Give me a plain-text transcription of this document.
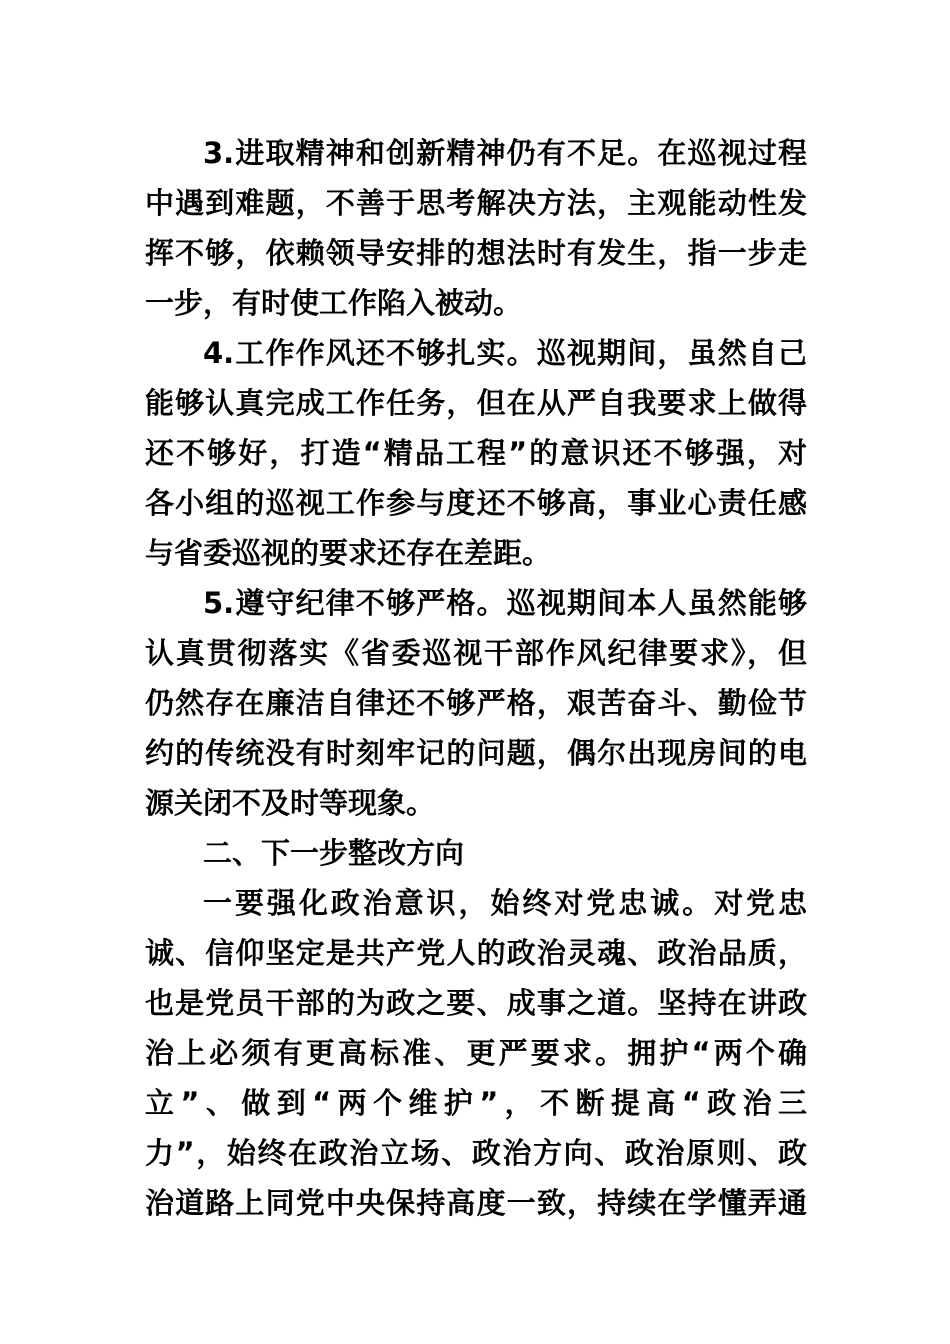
3.进取精神和创新精神仍有不足。在巡视过程
中遇到难题，不善于思考解决方法，主观能动性发
挥不够，依赖领导安排的想法时有发生，指一步走
一步，有时使工作陷入被动。
4.工作作风还不够扎实。巡视期间，虽然自己
能够认真完成工作任务，但在从严自我要求上做得
还不够好，打造“精品工程”的意识还不够强，对
各小组的巡视工作参与度还不够高，事业心责任感
与省委巡视的要求还存在差距。
5.遵守纪律不够严格。巡视期间本人虽然能够
认真贯彻落实《省委巡视干部作风纪律要求》，但
仍然存在廉洁自律还不够严格，艰苦奋斗、勤俭节
约的传统没有时刻牢记的问题，偶尔出现房间的电
源关闭不及时等现象。
二、下一步整改方向
一要强化政治意识，始终对党忠诚。对党忠
诚、信仰坚定是共产党人的政治灵魂、政治品质，
也是党员干部的为政之要、成事之道。坚持在讲政
治上必须有更高标准、更严要求。拥护“两个确
立”、做到“两个维护”，不断提高“政治三
力”，始终在政治立场、政治方向、政治原则、政
治道路上同党中央保持高度一致，持续在学懂弄通
